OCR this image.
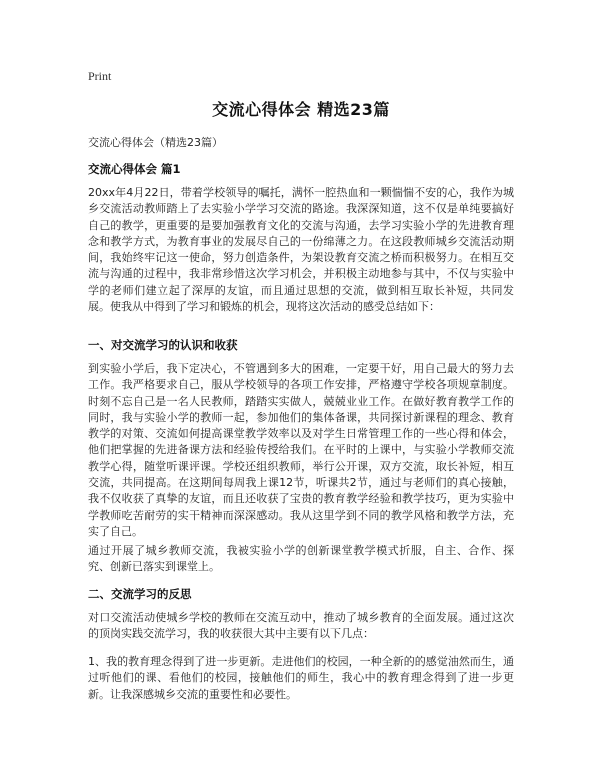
Print
交流心得体会 精选23篇
交流心得体会（精选23篇）
交流心得体会 篇1

20xx年4月22日，带着学校领导的嘱托，满怀一腔热血和一颗惴惴不安的心，我作为城乡交流活动教师踏上了去实验小学学习交流的路途。我深深知道，这不仅是单纯要搞好自己的教学，更重要的是要加强教育文化的交流与沟通，去学习实验小学的先进教育理念和教学方式，为教育事业的发展尽自己的一份绵薄之力。在这段教师城乡交流活动期间，我始终牢记这一使命，努力创造条件，为架设教育交流之桥而积极努力。在相互交流与沟通的过程中，我非常珍惜这次学习机会，并积极主动地参与其中，不仅与实验中学的老师们建立起了深厚的友谊，而且通过思想的交流，做到相互取长补短，共同发展。使我从中得到了学习和锻炼的机会，现将这次活动的感受总结如下：

一、对交流学习的认识和收获

到实验小学后，我下定决心，不管遇到多大的困难，一定要干好，用自己最大的努力去工作。我严格要求自己，服从学校领导的各项工作安排，严格遵守学校各项规章制度。时刻不忘自己是一名人民教师，踏踏实实做人，兢兢业业工作。在做好教育教学工作的同时，我与实验小学的教师一起，参加他们的集体备课，共同探讨新课程的理念、教育教学的对策、交流如何提高课堂教学效率以及对学生日常管理工作的一些心得和体会，他们把掌握的先进备课方法和经验传授给我们。在平时的上课中，与实验小学教师交流教学心得，随堂听课评课。学校还组织教师，举行公开课，双方交流，取长补短，相互交流，共同提高。在这期间每周我上课12节，听课共2节，通过与老师们的真心接触，我不仅收获了真挚的友谊，而且还收获了宝贵的教育教学经验和教学技巧，更为实验中学教师吃苦耐劳的实干精神而深深感动。我从这里学到不同的教学风格和教学方法，充实了自己。

通过开展了城乡教师交流，我被实验小学的创新课堂教学模式折服，自主、合作、探究、创新已落实到课堂上。

二、交流学习的反思

对口交流活动使城乡学校的教师在交流互动中，推动了城乡教育的全面发展。通过这次的顶岗实践交流学习，我的收获很大其中主要有以下几点：

1、我的教育理念得到了进一步更新。走进他们的校园，一种全新的的感觉油然而生，通过听他们的课、看他们的校园，接触他们的师生，我心中的教育理念得到了进一步更新。让我深感城乡交流的重要性和必要性。
